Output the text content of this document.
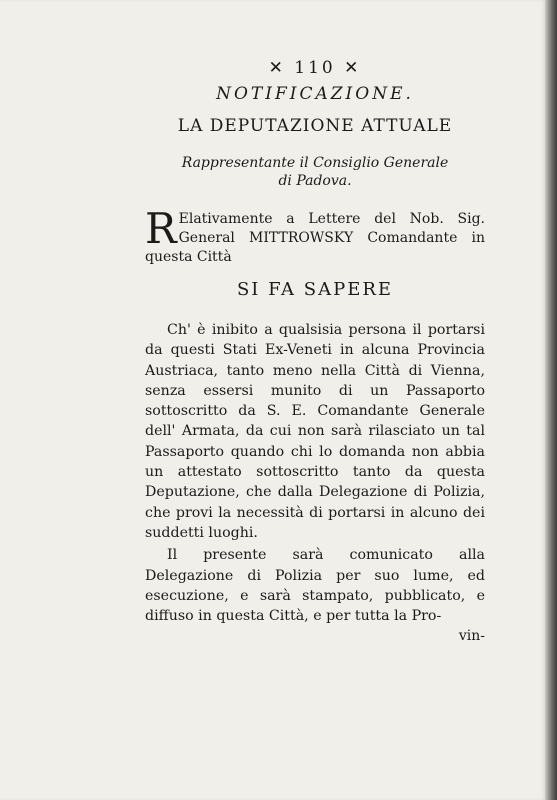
✕ 110 ✕
NOTIFICAZIONE.
LA DEPUTAZIONE ATTUALE
Rappresentante il Consiglio Generale
di Padova.
R Elativamente a Lettere del Nob. Sig. General MITTROWSKY Comandante in questa Città
SI FA SAPERE

Ch' è inibito a qualsisia persona il portarsi da questi Stati Ex-Veneti in alcuna Provincia Austriaca, tanto meno nella Città di Vienna, senza essersi munito di un Passaporto sottoscritto da S. E. Comandante Generale dell' Armata, da cui non sarà rilasciato un tal Passaporto quando chi lo domanda non abbia un attestato sottoscritto tanto da questa Deputazione, che dalla Delegazione di Polizia, che provi la necessità di portarsi in alcuno dei suddetti luoghi.

Il presente sarà comunicato alla Delegazione di Polizia per suo lume, ed esecuzione, e sarà stampato, pubblicato, e diffuso in questa Città, e per tutta la Pro-

vin-
